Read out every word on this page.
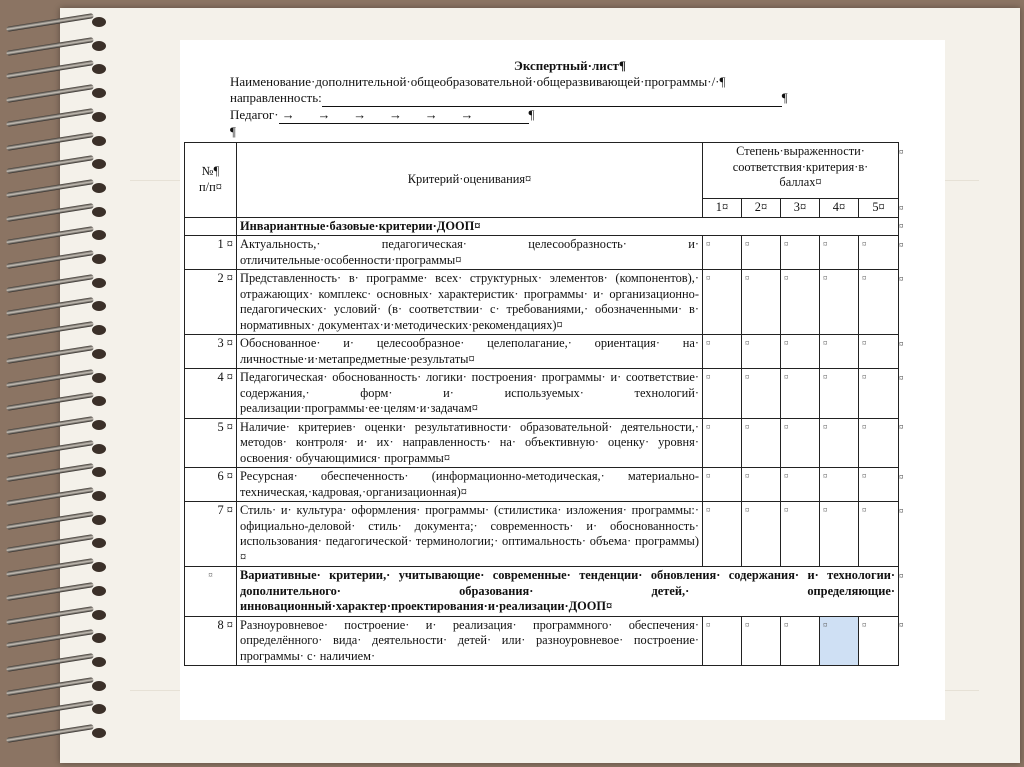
Экспертный·лист¶
Наименование·дополнительной·общеобразовательной·общеразвивающей·программы·/·¶
направленность:	¶
Педагог· →       →       →       →       →       →	¶
¶
№¶
п/п¤	Критерий·оценивания¤	Степень·выраженности·
соответствия·критерия·в·
баллах¤				
		1¤	2¤	3¤	4¤	5¤
	Инвариантные·базовые·критерии·ДООП¤					
1 ¤	Актуальность,· педагогическая· целесообразность· и· отличительные·особенности·программы¤	¤	¤	¤	¤	¤
2 ¤	Представленность· в· программе· всех· структурных· элементов· (компонентов),· отражающих· комплекс· основных· характеристик· программы· и· организационно-педагогических· условий· (в· соответствии· с· требованиями,· обозначенными· в· нормативных· документах·и·методических·рекомендациях)¤	¤	¤	¤	¤	¤
3 ¤	Обоснованное· и· целесообразное· целеполагание,· ориентация· на· личностные·и·метапредметные·результаты¤	¤	¤	¤	¤	¤
4 ¤	Педагогическая· обоснованность· логики· построения· программы· и· соответствие· содержания,· форм· и· используемых· технологий· реализации·программы·ее·целям·и·задачам¤	¤	¤	¤	¤	¤
5 ¤	Наличие· критериев· оценки· результативности· образовательной· деятельности,· методов· контроля· и· их· направленность· на· объективную· оценку· уровня· освоения· обучающимися· программы¤	¤	¤	¤	¤	¤
6 ¤	Ресурсная· обеспеченность· (информационно-методическая,· материально-техническая,·кадровая,·организационная)¤	¤	¤	¤	¤	¤
7 ¤	Стиль· и· культура· оформления· программы· (стилистика· изложения· программы:· официально-деловой· стиль· документа;· современность· и· обоснованность· использования· педагогической· терминологии;· оптимальность· объема· программы)¤	¤	¤	¤	¤	¤
¤	Вариативные· критерии,· учитывающие· современные· тенденции· обновления· содержания· и· технологии· дополнительного· образования· детей,· определяющие· инновационный·характер·проектирования·и·реализации·ДООП¤					
8 ¤	Разноуровневое· построение· и· реализация· программного· обеспечения· определённого· вида· деятельности· детей· или· разноуровневое· построение· программы· с· наличием·	¤	¤	¤	¤	¤
¤
¤
¤
¤
¤
¤
¤
¤
¤
¤
¤
¤
